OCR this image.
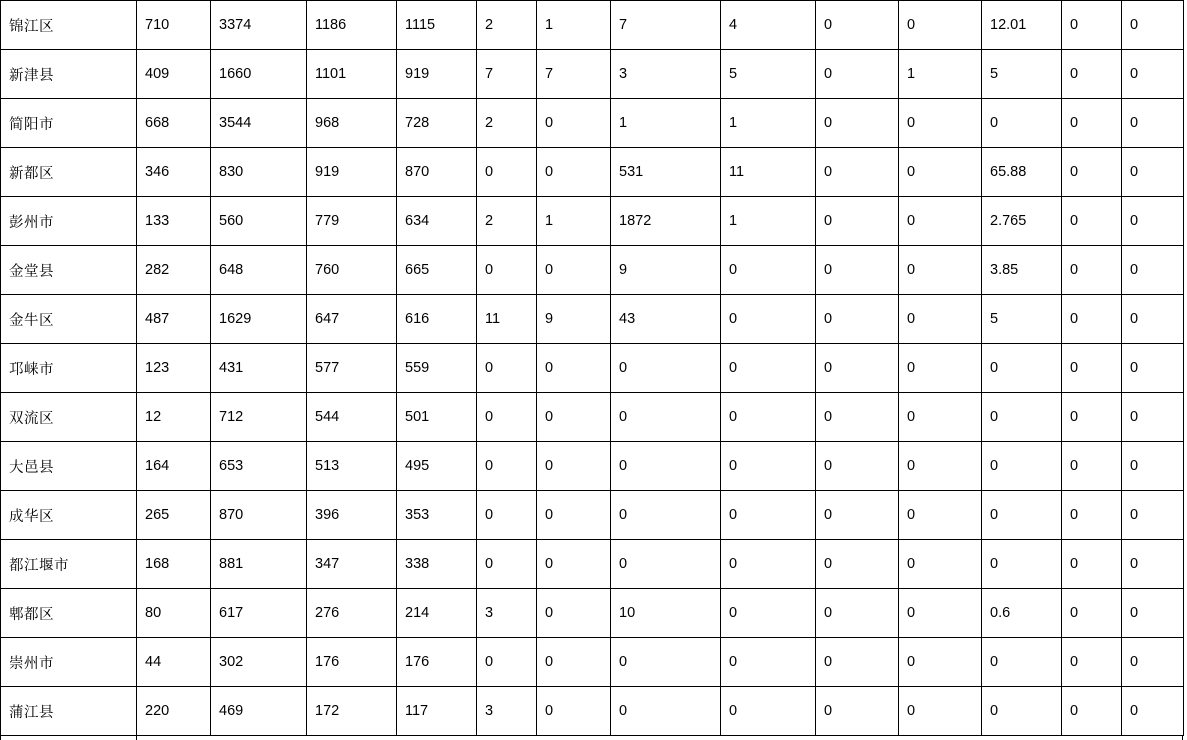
锦江区	710	3374	1186	1115	2	1	7	4	0	0	12.01	0	0
新津县	409	1660	1101	919	7	7	3	5	0	1	5	0	0
简阳市	668	3544	968	728	2	0	1	1	0	0	0	0	0
新都区	346	830	919	870	0	0	531	11	0	0	65.88	0	0
彭州市	133	560	779	634	2	1	1872	1	0	0	2.765	0	0
金堂县	282	648	760	665	0	0	9	0	0	0	3.85	0	0
金牛区	487	1629	647	616	11	9	43	0	0	0	5	0	0
邛崃市	123	431	577	559	0	0	0	0	0	0	0	0	0
双流区	12	712	544	501	0	0	0	0	0	0	0	0	0
大邑县	164	653	513	495	0	0	0	0	0	0	0	0	0
成华区	265	870	396	353	0	0	0	0	0	0	0	0	0
都江堰市	168	881	347	338	0	0	0	0	0	0	0	0	0
郫都区	80	617	276	214	3	0	10	0	0	0	0.6	0	0
崇州市	44	302	176	176	0	0	0	0	0	0	0	0	0
蒲江县	220	469	172	117	3	0	0	0	0	0	0	0	0
